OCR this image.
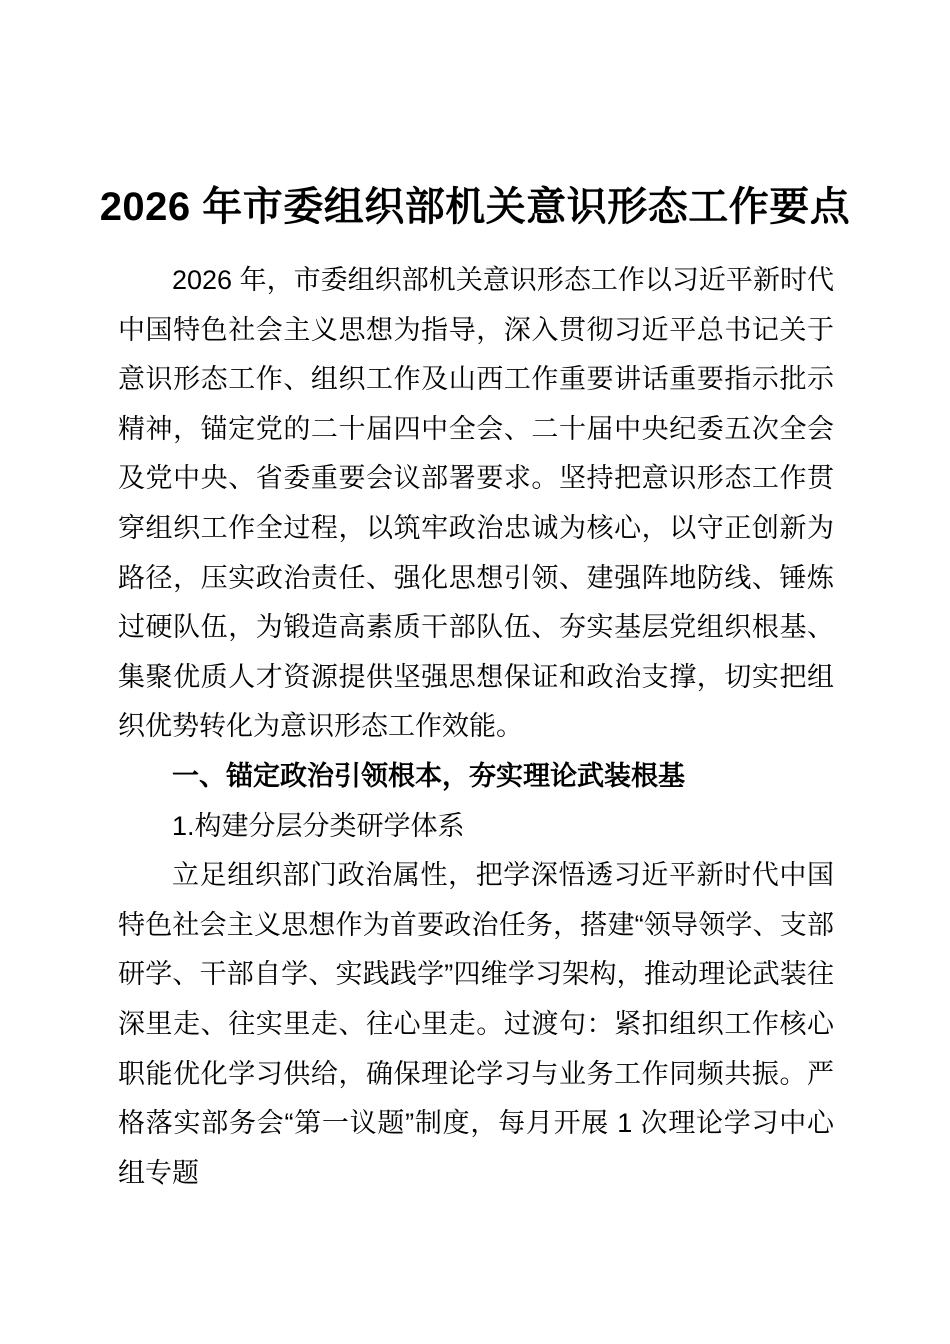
2026 年市委组织部机关意识形态工作要点

2026 年，市委组织部机关意识形态工作以习近平新时代中国特色社会主义思想为指导，深入贯彻习近平总书记关于意识形态工作、组织工作及山西工作重要讲话重要指示批示精神，锚定党的二十届四中全会、二十届中央纪委五次全会及党中央、省委重要会议部署要求。坚持把意识形态工作贯穿组织工作全过程，以筑牢政治忠诚为核心，以守正创新为路径，压实政治责任、强化思想引领、建强阵地防线、锤炼过硬队伍，为锻造高素质干部队伍、夯实基层党组织根基、集聚优质人才资源提供坚强思想保证和政治支撑，切实把组织优势转化为意识形态工作效能。

一、锚定政治引领根本，夯实理论武装根基

1.构建分层分类研学体系

立足组织部门政治属性，把学深悟透习近平新时代中国特色社会主义思想作为首要政治任务，搭建“领导领学、支部研学、干部自学、实践践学”四维学习架构，推动理论武装往深里走、往实里走、往心里走。过渡句：紧扣组织工作核心职能优化学习供给，确保理论学习与业务工作同频共振。严格落实部务会“第一议题”制度，每月开展 1 次理论学习中心组专题
